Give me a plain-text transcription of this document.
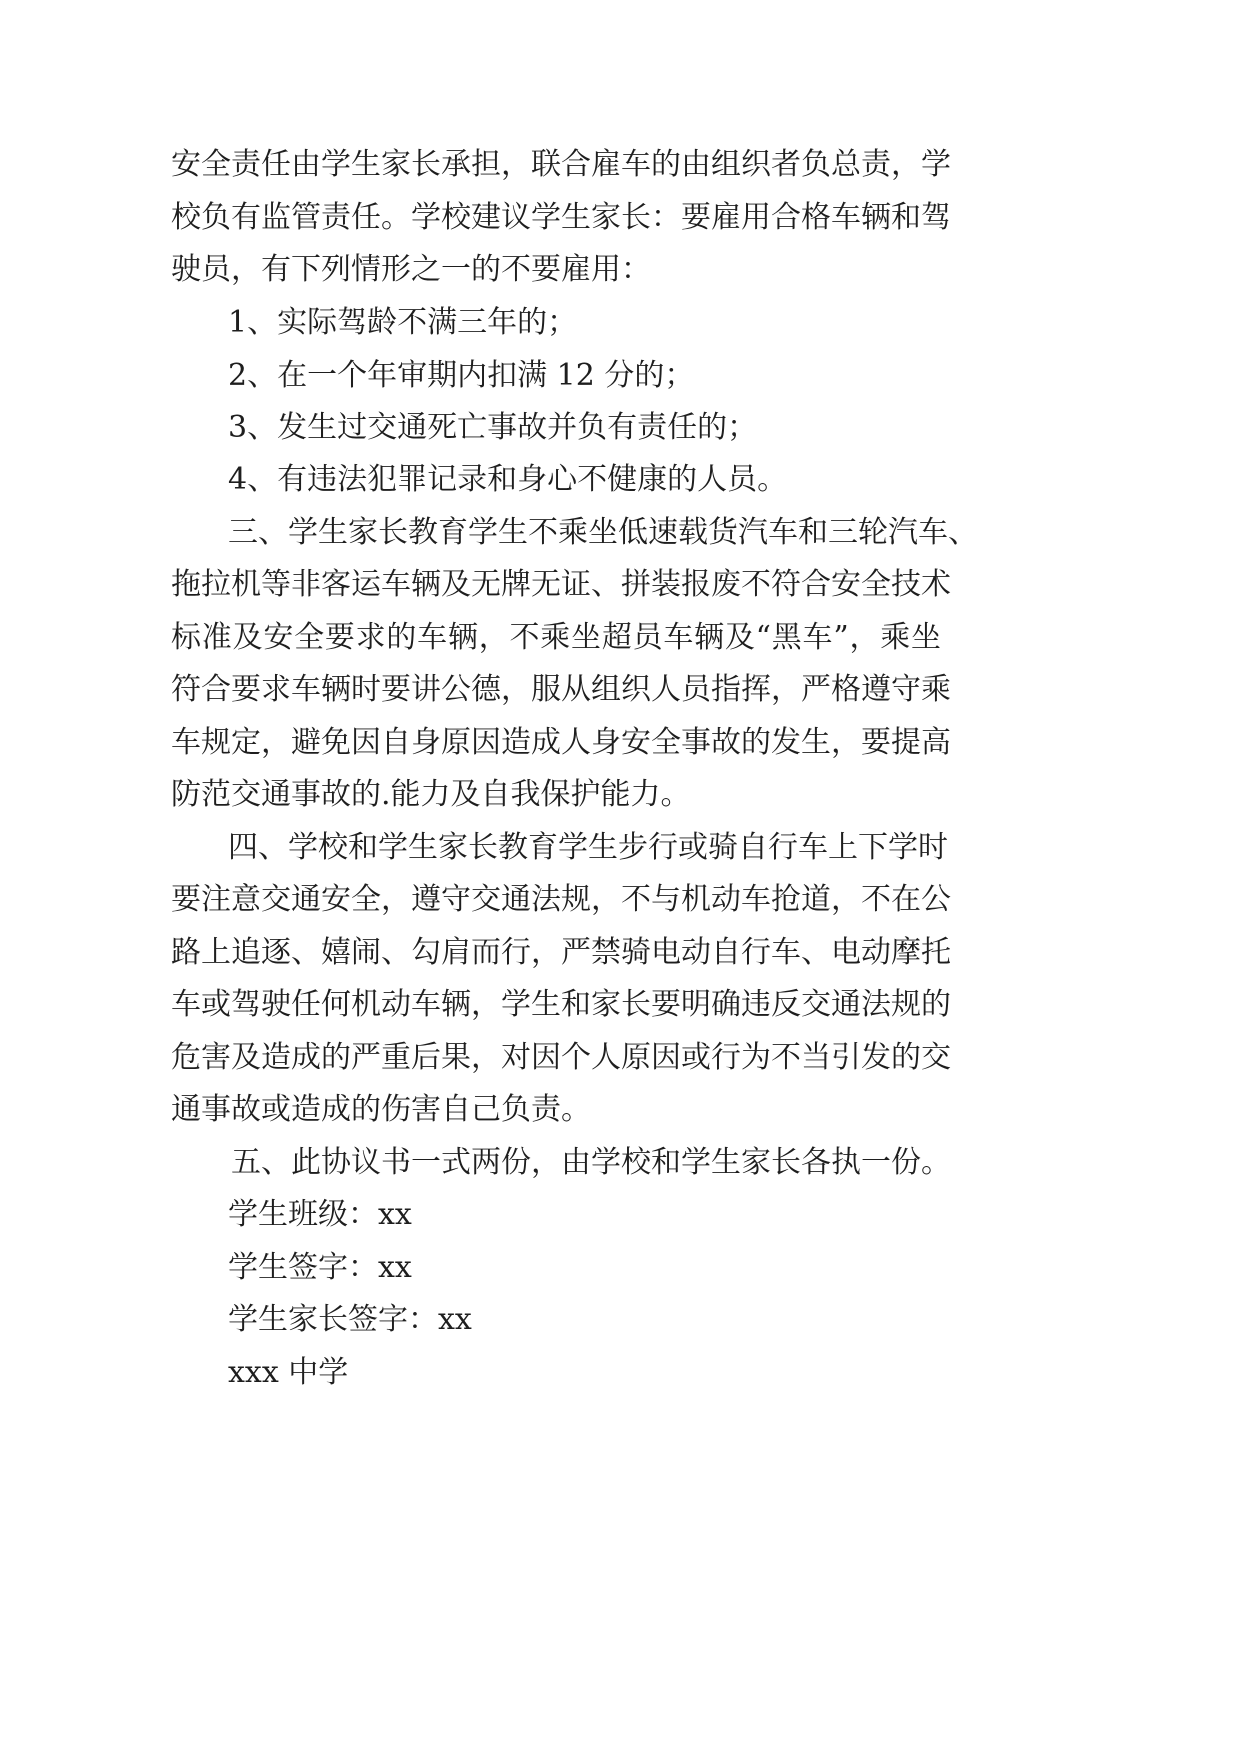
安全责任由学生家长承担，联合雇车的由组织者负总责，学
校负有监管责任。学校建议学生家长：要雇用合格车辆和驾
驶员，有下列情形之一的不要雇用：
1、实际驾龄不满三年的；
2、在一个年审期内扣满 12 分的；
3、发生过交通死亡事故并负有责任的；
4、有违法犯罪记录和身心不健康的人员。
三、学生家长教育学生不乘坐低速载货汽车和三轮汽车、
拖拉机等非客运车辆及无牌无证、拼装报废不符合安全技术
标准及安全要求的车辆，不乘坐超员车辆及“黑车”，乘坐
符合要求车辆时要讲公德，服从组织人员指挥，严格遵守乘
车规定，避免因自身原因造成人身安全事故的发生，要提高
防范交通事故的.能力及自我保护能力。
四、学校和学生家长教育学生步行或骑自行车上下学时
要注意交通安全，遵守交通法规，不与机动车抢道，不在公
路上追逐、嬉闹、勾肩而行，严禁骑电动自行车、电动摩托
车或驾驶任何机动车辆，学生和家长要明确违反交通法规的
危害及造成的严重后果，对因个人原因或行为不当引发的交
通事故或造成的伤害自己负责。
五、此协议书一式两份，由学校和学生家长各执一份。
学生班级：xx
学生签字：xx
学生家长签字：xx
xxx 中学
